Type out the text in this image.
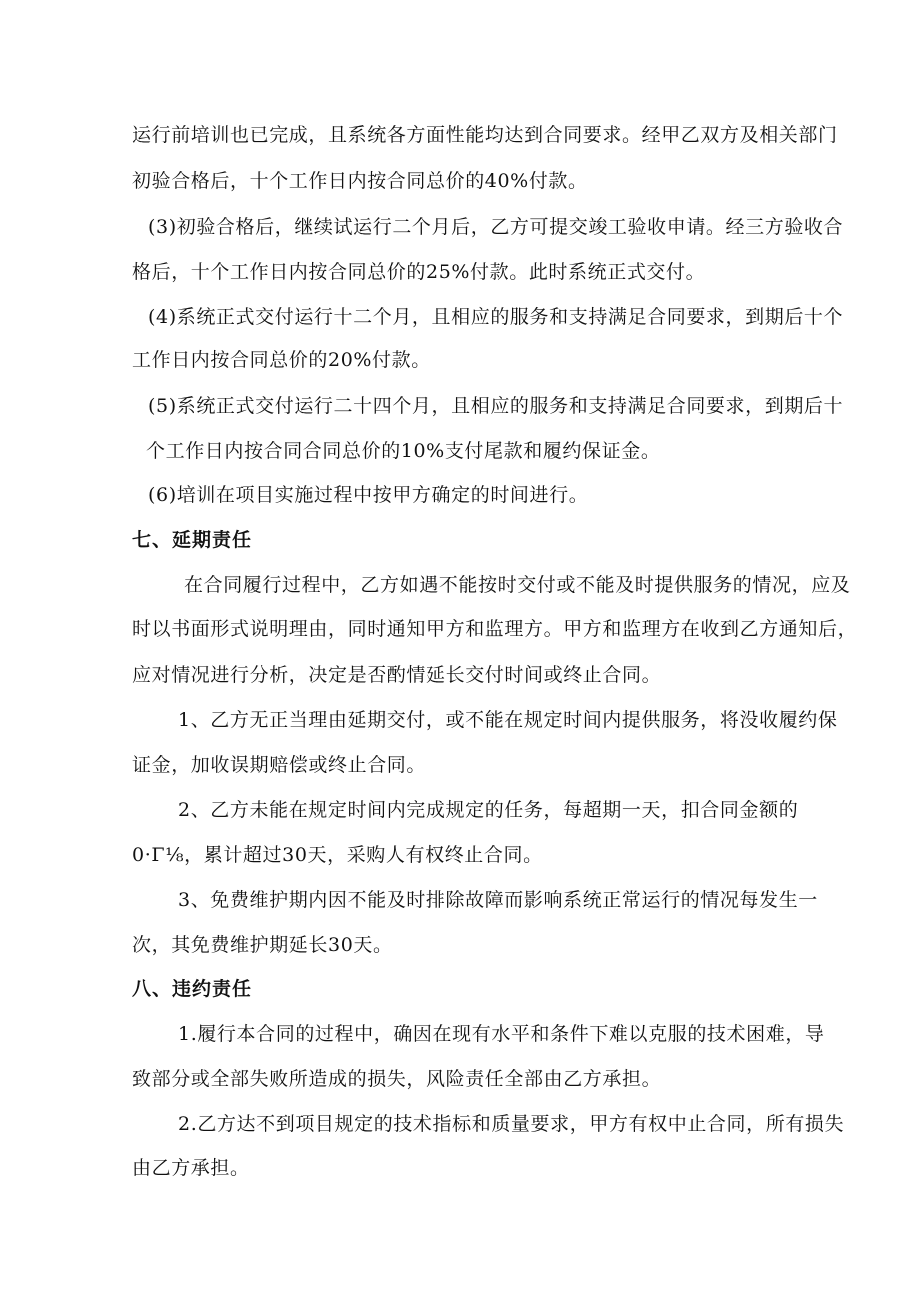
运行前培训也已完成，且系统各方面性能均达到合同要求。经甲乙双方及相关部门
初验合格后，十个工作日内按合同总价的40%付款。
(3)初验合格后，继续试运行二个月后，乙方可提交竣工验收申请。经三方验收合
格后，十个工作日内按合同总价的25%付款。此时系统正式交付。
(4)系统正式交付运行十二个月，且相应的服务和支持满足合同要求，到期后十个
工作日内按合同总价的20%付款。
(5)系统正式交付运行二十四个月，且相应的服务和支持满足合同要求，到期后十
个工作日内按合同合同总价的10%支付尾款和履约保证金。
(6)培训在项目实施过程中按甲方确定的时间进行。
七、延期责任
在合同履行过程中，乙方如遇不能按时交付或不能及时提供服务的情况，应及
时以书面形式说明理由，同时通知甲方和监理方。甲方和监理方在收到乙方通知后，
应对情况进行分析，决定是否酌情延长交付时间或终止合同。
1、乙方无正当理由延期交付，或不能在规定时间内提供服务，将没收履约保
证金，加收误期赔偿或终止合同。
2、乙方未能在规定时间内完成规定的任务，每超期一天，扣合同金额的
0·Γ⅛，累计超过30天，采购人有权终止合同。
3、免费维护期内因不能及时排除故障而影响系统正常运行的情况每发生一
次，其免费维护期延长30天。
八、违约责任
1.履行本合同的过程中，确因在现有水平和条件下难以克服的技术困难，导
致部分或全部失败所造成的损失，风险责任全部由乙方承担。
2.乙方达不到项目规定的技术指标和质量要求，甲方有权中止合同，所有损失
由乙方承担。
